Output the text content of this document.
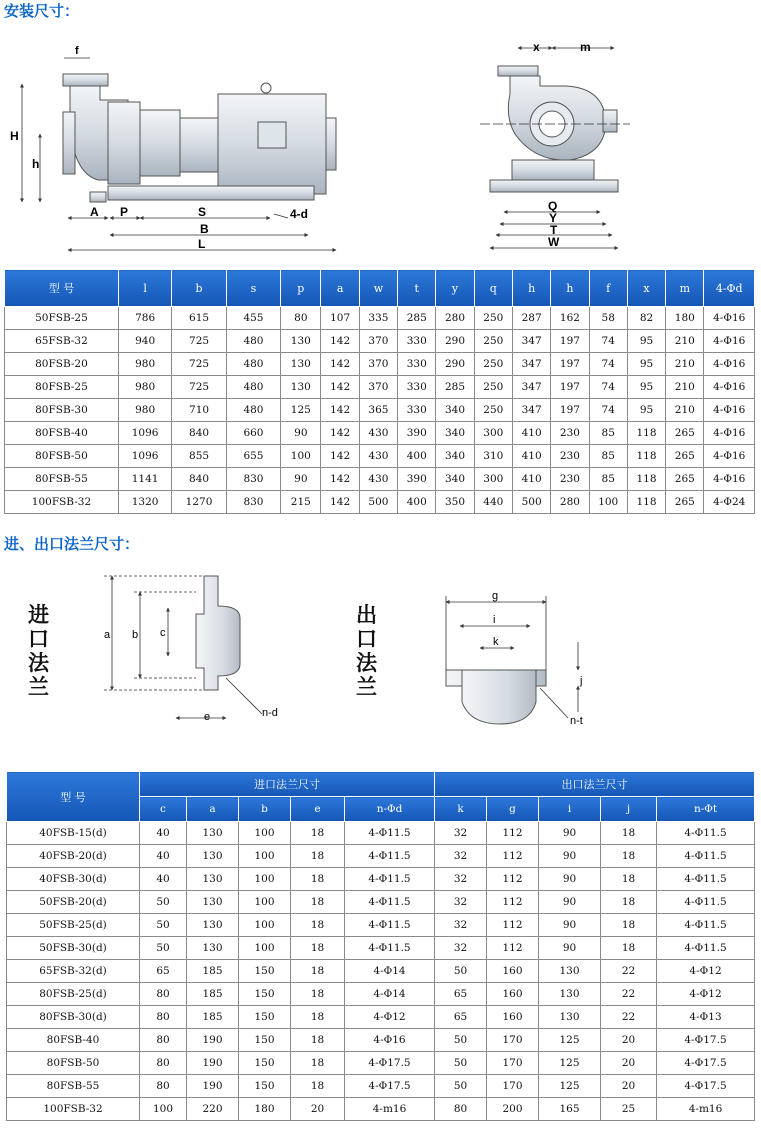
安装尺寸：
f
H
h
A P	S	4-d
B
L
x	m
Q
Y
T
W
型 号	l	b	s	p	a	w	t	y	q	h	h	f	x	m	4-Φd
50FSB-25	786	615	455	80	107	335	285	280	250	287	162	58	82	180	4-Φ16
65FSB-32	940	725	480	130	142	370	330	290	250	347	197	74	95	210	4-Φ16
80FSB-20	980	725	480	130	142	370	330	290	250	347	197	74	95	210	4-Φ16
80FSB-25	980	725	480	130	142	370	330	285	250	347	197	74	95	210	4-Φ16
80FSB-30	980	710	480	125	142	365	330	340	250	347	197	74	95	210	4-Φ16
80FSB-40	1096	840	660	90	142	430	390	340	300	410	230	85	118	265	4-Φ16
80FSB-50	1096	855	655	100	142	430	400	340	310	410	230	85	118	265	4-Φ16
80FSB-55	1141	840	830	90	142	430	390	340	300	410	230	85	118	265	4-Φ16
100FSB-32	1320	1270	830	215	142	500	400	350	440	500	280	100	118	265	4-Φ24
进、出口法兰尺寸：
进
口
法
兰
a b c
e	n-d
出
口
法
兰
g
i
k
j
n-t
型 号	进口法兰尺寸					出口法兰尺寸				
	c	a	b	e	n-Φd	k	g	i	j	n-Φt
40FSB-15(d)	40	130	100	18	4-Φ11.5	32	112	90	18	4-Φ11.5
40FSB-20(d)	40	130	100	18	4-Φ11.5	32	112	90	18	4-Φ11.5
40FSB-30(d)	40	130	100	18	4-Φ11.5	32	112	90	18	4-Φ11.5
50FSB-20(d)	50	130	100	18	4-Φ11.5	32	112	90	18	4-Φ11.5
50FSB-25(d)	50	130	100	18	4-Φ11.5	32	112	90	18	4-Φ11.5
50FSB-30(d)	50	130	100	18	4-Φ11.5	32	112	90	18	4-Φ11.5
65FSB-32(d)	65	185	150	18	4-Φ14	50	160	130	22	4-Φ12
80FSB-25(d)	80	185	150	18	4-Φ14	65	160	130	22	4-Φ12
80FSB-30(d)	80	185	150	18	4-Φ12	65	160	130	22	4-Φ13
80FSB-40	80	190	150	18	4-Φ16	50	170	125	20	4-Φ17.5
80FSB-50	80	190	150	18	4-Φ17.5	50	170	125	20	4-Φ17.5
80FSB-55	80	190	150	18	4-Φ17.5	50	170	125	20	4-Φ17.5
100FSB-32	100	220	180	20	4-m16	80	200	165	25	4-m16
